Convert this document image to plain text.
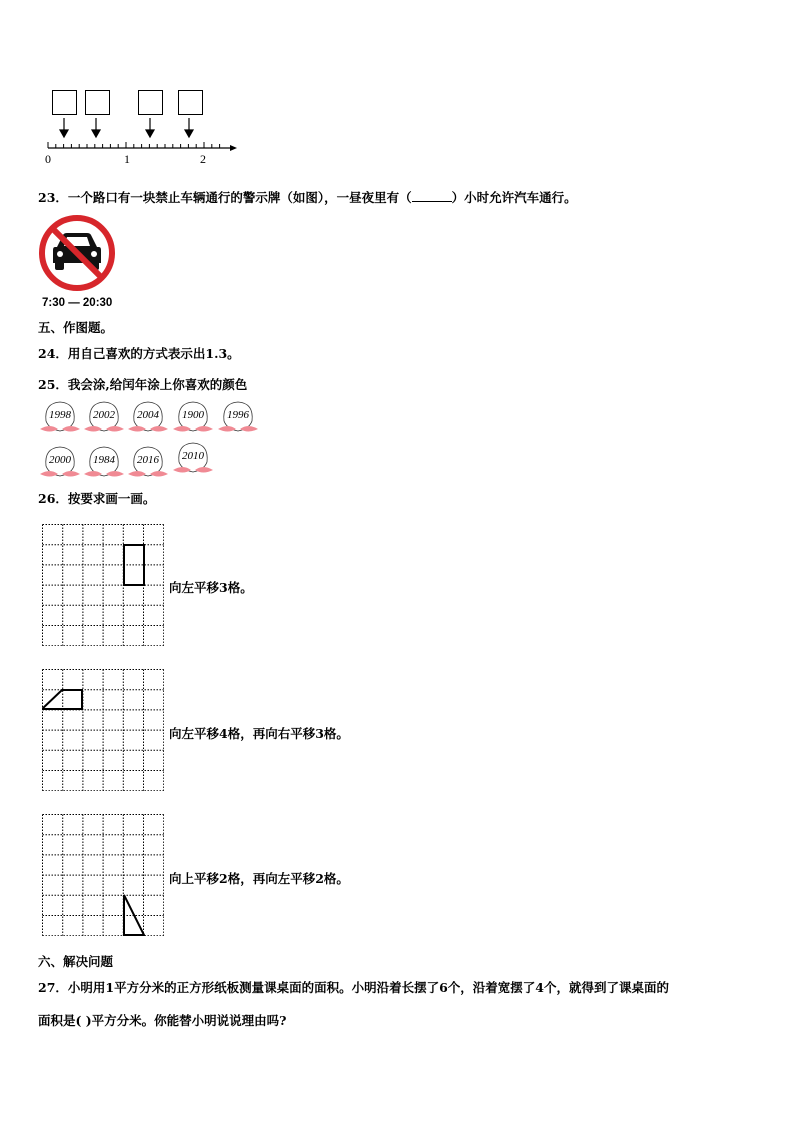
0	1	2
23．一个路口有一块禁止车辆通行的警示牌（如图），一昼夜里有（	）小时允许汽车通行。
7:30 — 20:30
五、作图题。
24．用自己喜欢的方式表示出1.3。
25．我会涂,给闰年涂上你喜欢的颜色
1998	2002	2004	1900	1996
2000	1984	2016	2010
26．按要求画一画。
向左平移3格。
向左平移4格，再向右平移3格。
向上平移2格，再向左平移2格。
六、解决问题
27．小明用1平方分米的正方形纸板测量课桌面的面积。小明沿着长摆了6个，沿着宽摆了4个，就得到了课桌面的
面积是( )平方分米。你能替小明说说理由吗?
